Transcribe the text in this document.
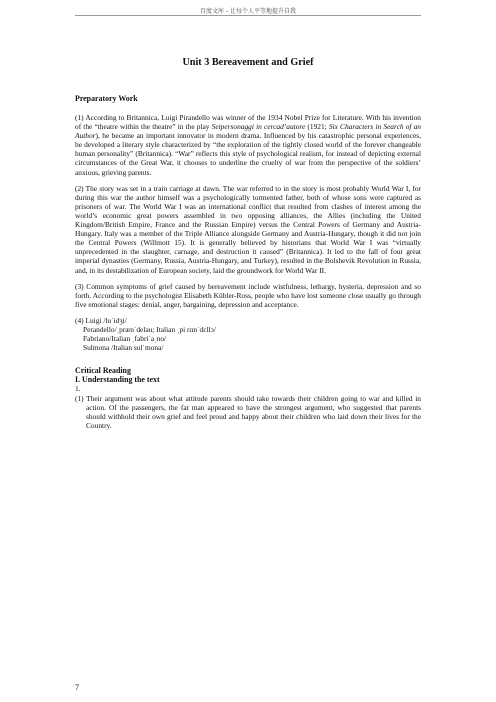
百度文库 - 让每个人平等地提升自我
Unit 3 Bereavement and Grief
Preparatory Work

(1) According to Britannica, Luigi Pirandello was winner of the 1934 Nobel Prize for Literature. With his invention of the “theatre within the theatre” in the play Seipersonaggi in cercad’autore (1921; Six Characters in Search of an Author), he became an important innovator in modern drama. Influenced by his catastrophic personal experiences, he developed a literary style characterized by “the exploration of the tightly closed world of the forever changeable human personality” (Britannica). “War” reflects this style of psychological realism, for instead of depicting external circumstances of the Great War, it chooses to underline the cruelty of war from the perspective of the soldiers’ anxious, grieving parents.

(2) The story was set in a train carriage at dawn. The war referred to in the story is most probably World War I, for during this war the author himself was a psychologically tormented father, both of whose sons were captured as prisoners of war. The World War I was an international conflict that resulted from clashes of interest among the world’s economic great powers assembled in two opposing alliances, the Allies (including the United Kingdom/British Empire, France and the Russian Empire) versus the Central Powers of Germany and Austria-Hungary. Italy was a member of the Triple Alliance alongside Germany and Austria-Hungary, though it did not join the Central Powers (Willmott 15). It is generally believed by historians that World War I was “virtually unprecedented in the slaughter, carnage, and destruction it caused” (Britannica). It led to the fall of four great imperial dynasties (Germany, Russia, Austria-Hungary, and Turkey), resulted in the Bolshevik Revolution in Russia, and, in its destabilization of European society, laid the groundwork for World War II.

(3) Common symptoms of grief caused by bereavement include wistfulness, lethargy, hysteria, depression and so forth. According to the psychologist Elisabeth Kübler-Ross, people who have lost someone close usually go through five emotional stages: denial, anger, bargaining, depression and acceptance.

(4) Luigi /luˈidʒi/

Perandello/ˌprænˈdeləu; Italian ˌpi rɑnˈdɛllɔ/

Fabriano/Italian ˌfabriˈaˌno/

Sulmona /Italian sulˈmona/

Critical Reading
I. Understanding the text
1.

(1) Their argument was about what attitude parents should take towards their children going to war and killed in action. Of the passengers, the fat man appeared to have the strongest argument, who suggested that parents should withhold their own grief and feel proud and happy about their children who laid down their lives for the Country.

7
